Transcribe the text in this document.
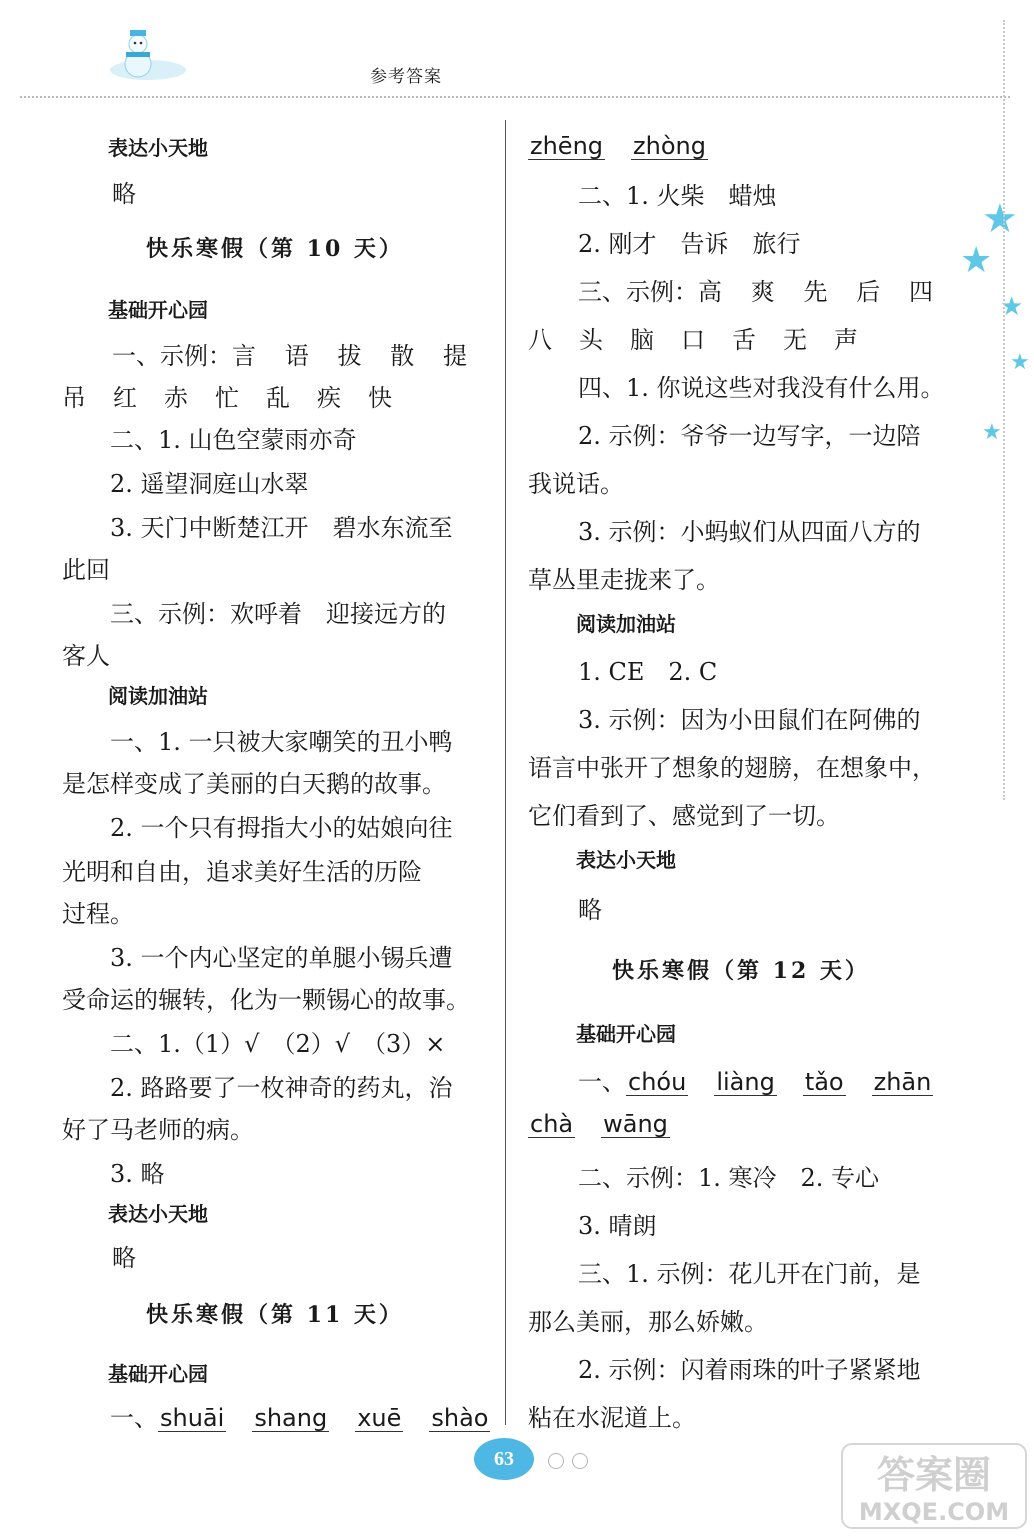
参考答案
★
★
★
★
★
表达小天地
略
快乐寒假（第 10 天）
基础开心园
一、示例：言 语 拔 散 提
吊 红 赤 忙 乱 疾 快
二、1. 山色空蒙雨亦奇
2. 遥望洞庭山水翠
3. 天门中断楚江开　碧水东流至
此回
三、示例：欢呼着　迎接远方的
客人
阅读加油站
一、1. 一只被大家嘲笑的丑小鸭
是怎样变成了美丽的白天鹅的故事。
2. 一个只有拇指大小的姑娘向往
光明和自由，追求美好生活的历险
过程。
3. 一个内心坚定的单腿小锡兵遭
受命运的辗转，化为一颗锡心的故事。
二、1.（1）√　（2）√　（3）×
2. 路路要了一枚神奇的药丸，治
好了马老师的病。
3. 略
表达小天地
略
快乐寒假（第 11 天）
基础开心园
一、shuāi shang xuē shào
zhēng zhòng
二、1. 火柴　蜡烛
2. 刚才　告诉　旅行
三、示例：高 爽 先 后 四
八 头 脑 口 舌 无 声
四、1. 你说这些对我没有什么用。
2. 示例：爷爷一边写字，一边陪
我说话。
3. 示例：小蚂蚁们从四面八方的
草丛里走拢来了。
阅读加油站
1. CE　2. C
3. 示例：因为小田鼠们在阿佛的
语言中张开了想象的翅膀，在想象中，
它们看到了、感觉到了一切。
表达小天地
略
快乐寒假（第 12 天）
基础开心园
一、chóu liàng tǎo zhān
chà wāng
二、示例：1. 寒冷　2. 专心
3. 晴朗
三、1. 示例：花儿开在门前，是
那么美丽，那么娇嫩。
2. 示例：闪着雨珠的叶子紧紧地
粘在水泥道上。
63	答案圈
MXQE.COM
